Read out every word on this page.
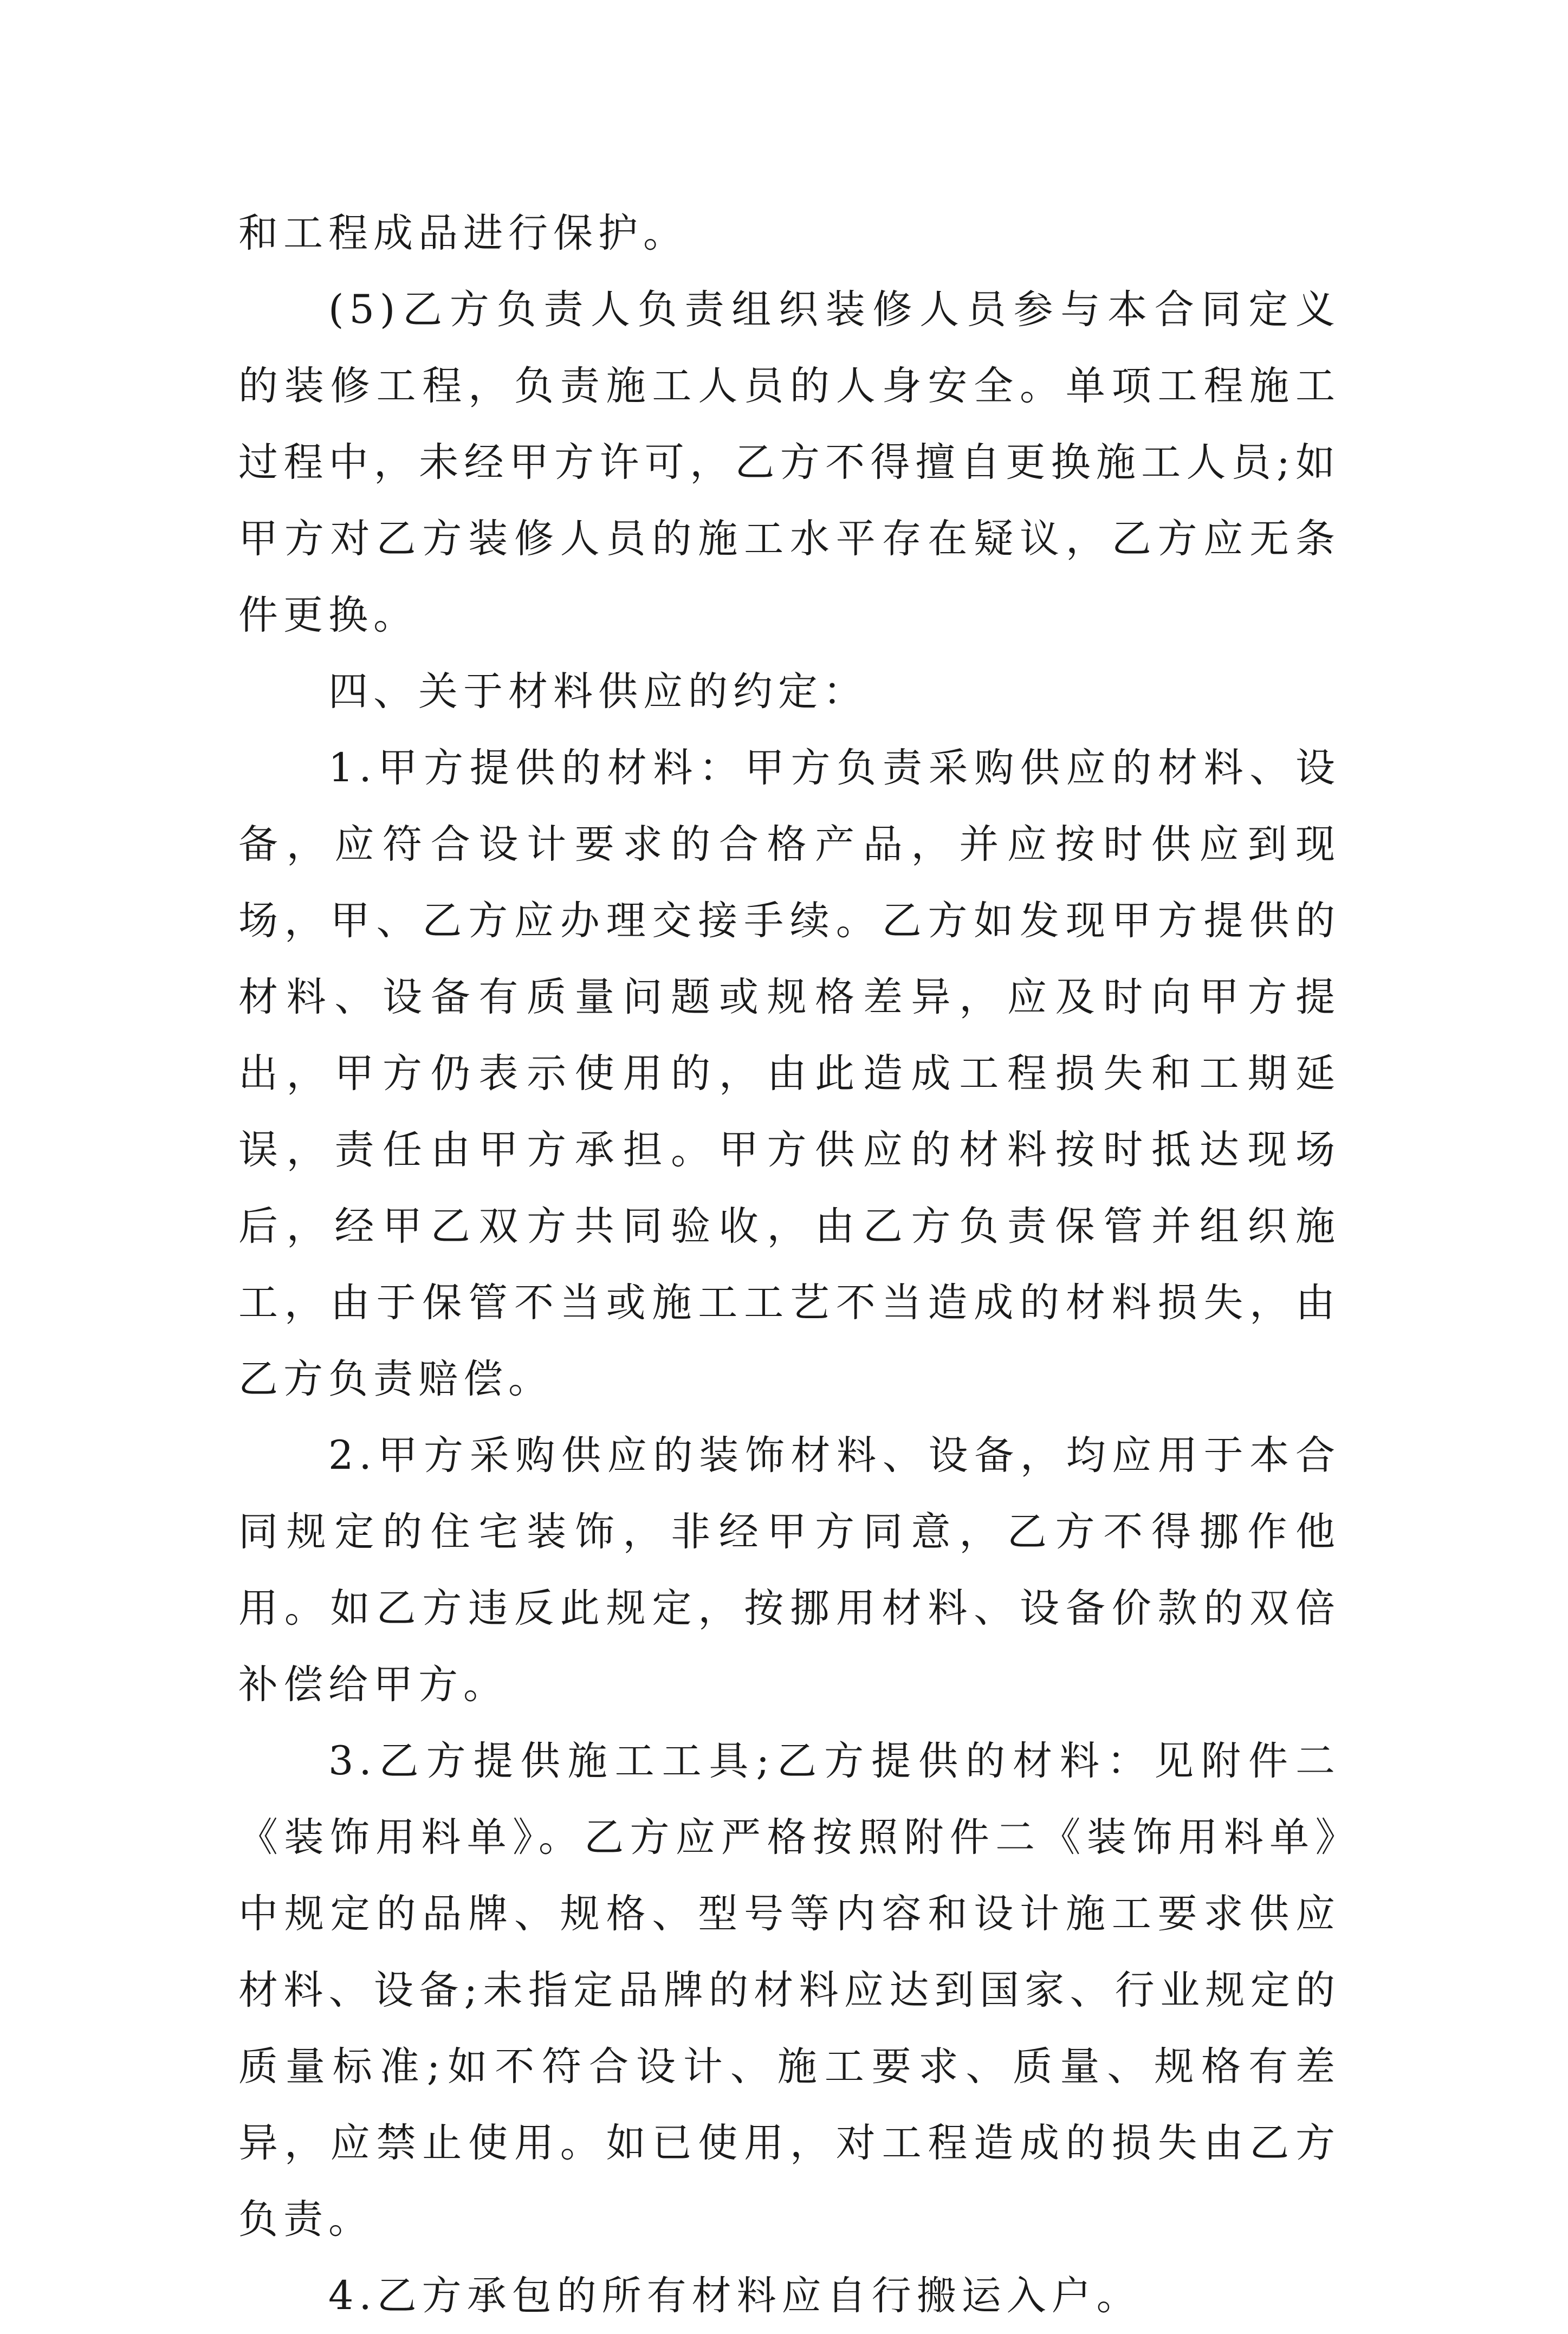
和工程成品进行保护。

(5)乙方负责人负责组织装修人员参与本合同定义的装修工程，负责施工人员的人身安全。单项工程施工过程中，未经甲方许可，乙方不得擅自更换施工人员;如甲方对乙方装修人员的施工水平存在疑议，乙方应无条件更换。

四、关于材料供应的约定：

1.甲方提供的材料：甲方负责采购供应的材料、设备，应符合设计要求的合格产品，并应按时供应到现场，甲、乙方应办理交接手续。乙方如发现甲方提供的材料、设备有质量问题或规格差异，应及时向甲方提出，甲方仍表示使用的，由此造成工程损失和工期延误，责任由甲方承担。甲方供应的材料按时抵达现场后，经甲乙双方共同验收，由乙方负责保管并组织施工，由于保管不当或施工工艺不当造成的材料损失，由乙方负责赔偿。

2.甲方采购供应的装饰材料、设备，均应用于本合同规定的住宅装饰，非经甲方同意，乙方不得挪作他用。如乙方违反此规定，按挪用材料、设备价款的双倍补偿给甲方。

3.乙方提供施工工具;乙方提供的材料：见附件二《装饰用料单》。乙方应严格按照附件二《装饰用料单》中规定的品牌、规格、型号等内容和设计施工要求供应材料、设备;未指定品牌的材料应达到国家、行业规定的质量标准;如不符合设计、施工要求、质量、规格有差异，应禁止使用。如已使用，对工程造成的损失由乙方负责。

4.乙方承包的所有材料应自行搬运入户。
